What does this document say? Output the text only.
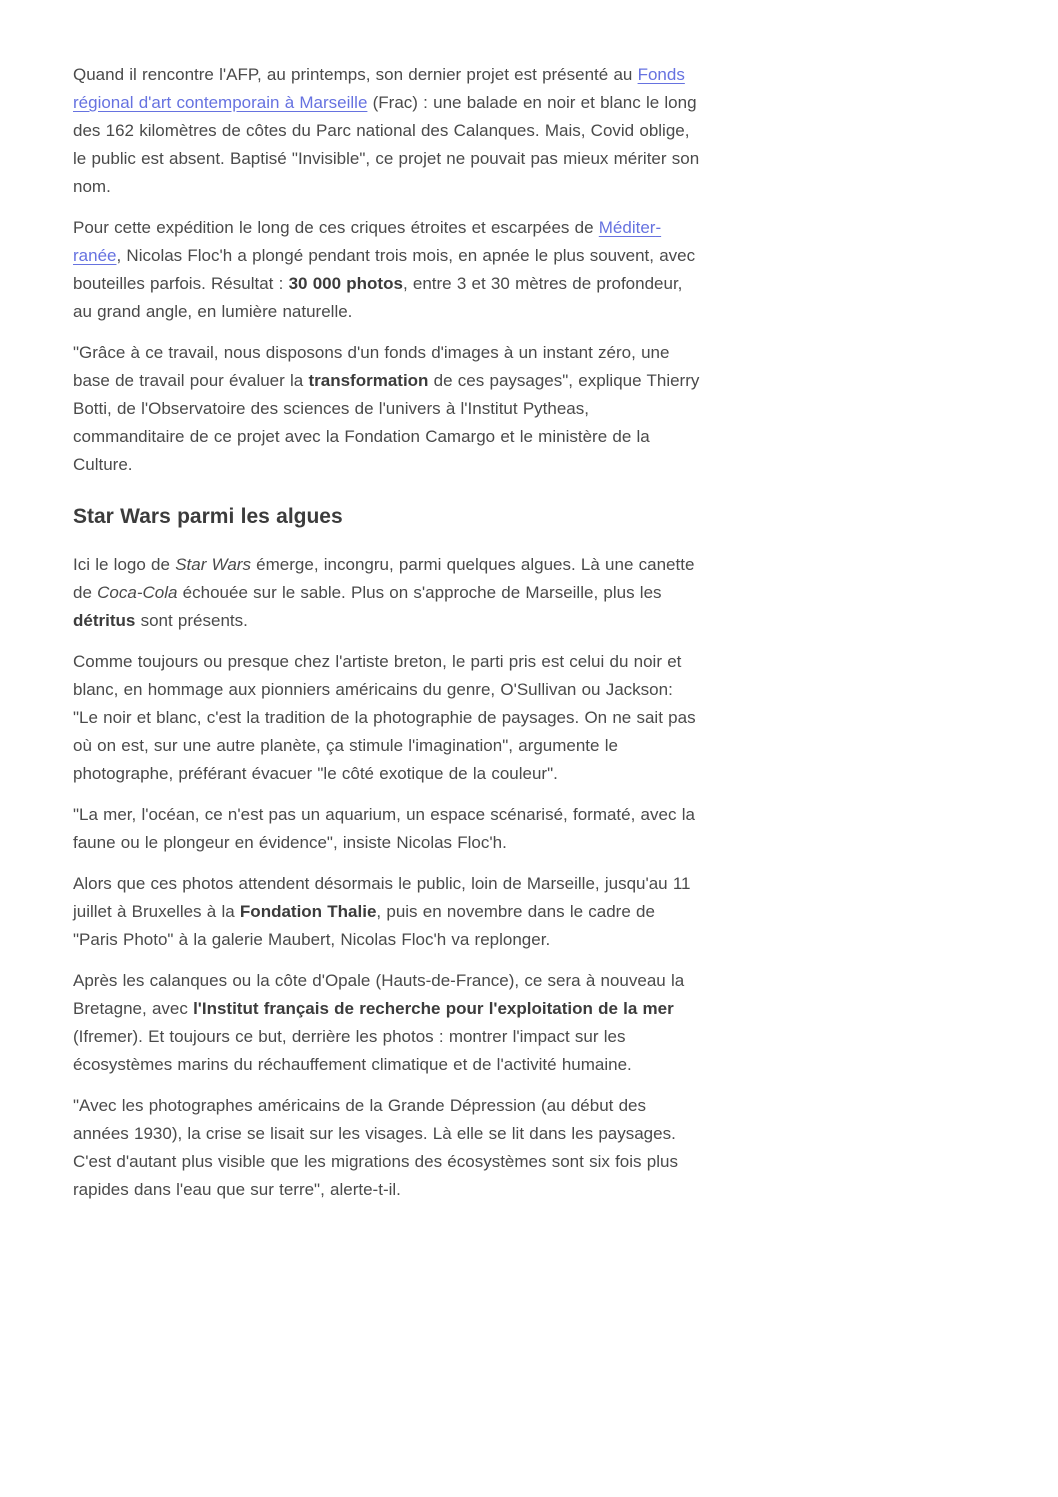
Quand il rencontre l'AFP, au printemps, son dernier projet est présenté au Fonds régional d'art contemporain à Marseille (Frac) : une balade en noir et blanc le long des 162 kilomètres de côtes du Parc national des Calanques. Mais, Covid oblige, le public est absent. Baptisé "Invisible", ce projet ne pouvait pas mieux mériter son nom.

Pour cette expédition le long de ces criques étroites et escarpées de Méditerranée, Nicolas Floc'h a plongé pendant trois mois, en apnée le plus souvent, avec bouteilles parfois. Résultat : 30 000 photos, entre 3 et 30 mètres de profondeur, au grand angle, en lumière naturelle.

"Grâce à ce travail, nous disposons d'un fonds d'images à un instant zéro, une base de travail pour évaluer la transformation de ces paysages", explique Thierry Botti, de l'Observatoire des sciences de l'univers à l'Institut Pytheas, commanditaire de ce projet avec la Fondation Camargo et le ministère de la Culture.

Star Wars parmi les algues

Ici le logo de Star Wars émerge, incongru, parmi quelques algues. Là une canette de Coca-Cola échouée sur le sable. Plus on s'approche de Marseille, plus les détritus sont présents.

Comme toujours ou presque chez l'artiste breton, le parti pris est celui du noir et blanc, en hommage aux pionniers américains du genre, O'Sullivan ou Jackson: "Le noir et blanc, c'est la tradition de la photographie de paysages. On ne sait pas où on est, sur une autre planète, ça stimule l'imagination", argumente le photographe, préférant évacuer "le côté exotique de la couleur".

"La mer, l'océan, ce n'est pas un aquarium, un espace scénarisé, formaté, avec la faune ou le plongeur en évidence", insiste Nicolas Floc'h.

Alors que ces photos attendent désormais le public, loin de Marseille, jusqu'au 11 juillet à Bruxelles à la Fondation Thalie, puis en novembre dans le cadre de "Paris Photo" à la galerie Maubert, Nicolas Floc'h va replonger.

Après les calanques ou la côte d'Opale (Hauts-de-France), ce sera à nouveau la Bretagne, avec l'Institut français de recherche pour l'exploitation de la mer (Ifremer). Et toujours ce but, derrière les photos : montrer l'impact sur les écosystèmes marins du réchauffement climatique et de l'activité humaine.

"Avec les photographes américains de la Grande Dépression (au début des années 1930), la crise se lisait sur les visages. Là elle se lit dans les paysages. C'est d'autant plus visible que les migrations des écosystèmes sont six fois plus rapides dans l'eau que sur terre", alerte-t-il.
